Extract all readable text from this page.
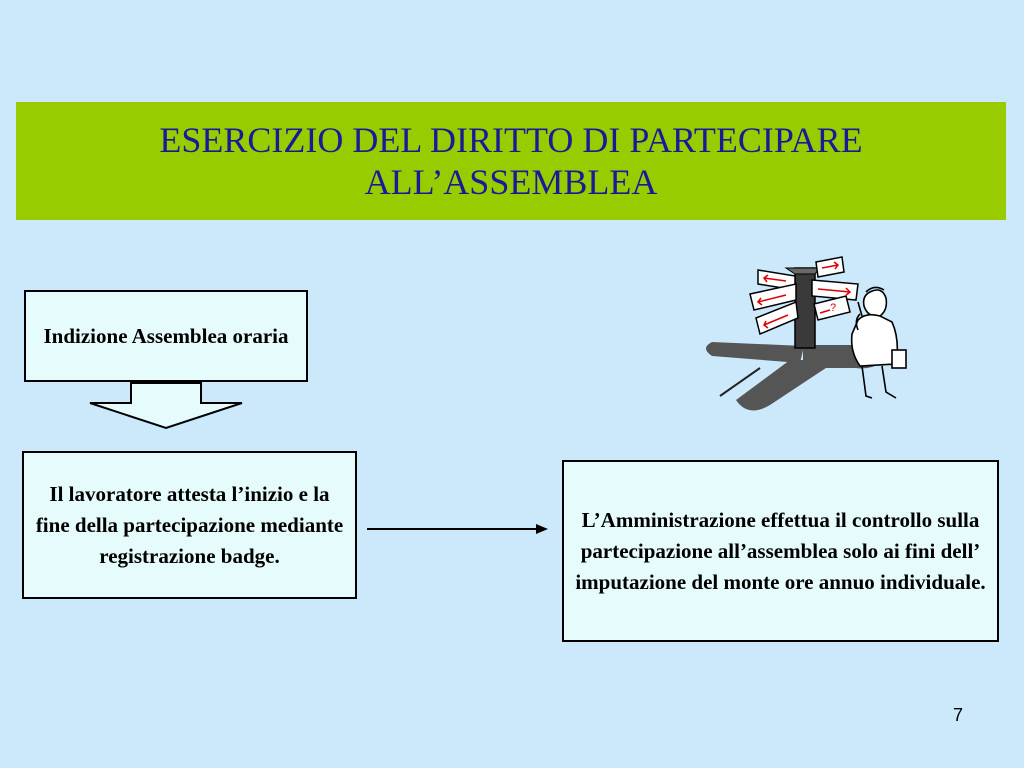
ESERCIZIO DEL DIRITTO DI PARTECIPARE
ALL’ASSEMBLEA
Indizione Assemblea oraria
?
Il lavoratore attesta l’inizio e la fine della partecipazione mediante registrazione badge.
L’Amministrazione effettua il controllo sulla partecipazione all’assemblea solo ai fini dell’ imputazione del monte ore annuo individuale.
7
